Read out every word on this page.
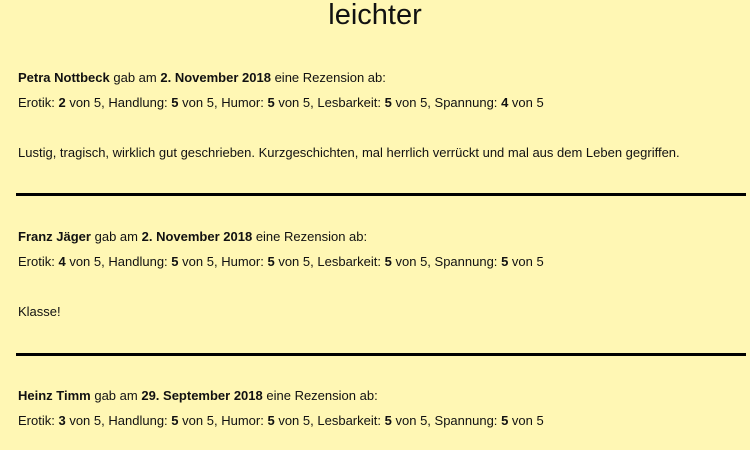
leichter
Petra Nottbeck gab am 2. November 2018 eine Rezension ab:
Erotik: 2 von 5, Handlung: 5 von 5, Humor: 5 von 5, Lesbarkeit: 5 von 5, Spannung: 4 von 5
Lustig, tragisch, wirklich gut geschrieben. Kurzgeschichten, mal herrlich verrückt und mal aus dem Leben gegriffen.
Franz Jäger gab am 2. November 2018 eine Rezension ab:
Erotik: 4 von 5, Handlung: 5 von 5, Humor: 5 von 5, Lesbarkeit: 5 von 5, Spannung: 5 von 5
Klasse!
Heinz Timm gab am 29. September 2018 eine Rezension ab:
Erotik: 3 von 5, Handlung: 5 von 5, Humor: 5 von 5, Lesbarkeit: 5 von 5, Spannung: 5 von 5
